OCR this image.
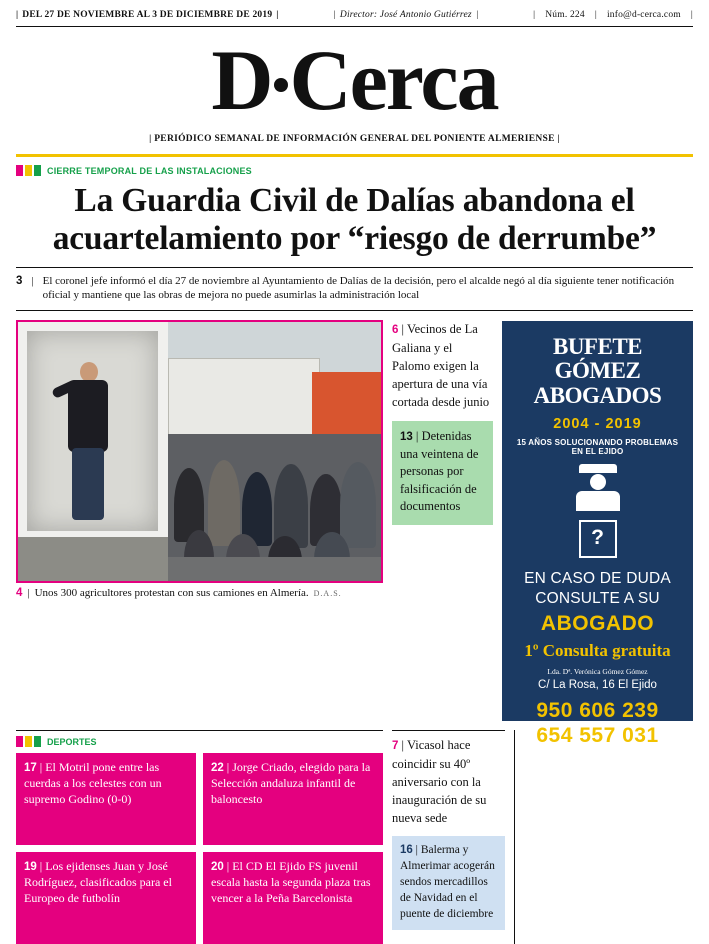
| DEL 27 DE NOVIEMBRE AL 3 DE DICIEMBRE DE 2019 |	| Director: José Antonio Gutiérrez |	| Núm. 224 | info@d-cerca.com |
D Cerca
| PERIÓDICO SEMANAL DE INFORMACIÓN GENERAL DEL PONIENTE ALMERIENSE |
CIERRE TEMPORAL DE LAS INSTALACIONES
La Guardia Civil de Dalías abandona el
acuartelamiento por “riesgo de derrumbe”
3 | El coronel jefe informó el día 27 de noviembre al Ayuntamiento de Dalías de la decisión, pero el alcalde negó al día siguiente tener notificación oficial y mantiene que las obras de mejora no puede asumirlas la administración local
4 | Unos 300 agricultores protestan con sus camiones en Almería. D.A.S.
6 | Vecinos de La Galiana y el Palomo exigen la apertura de una vía cortada desde junio
13 | Detenidas una veintena de personas por falsificación de documentos
BUFETE GÓMEZ
ABOGADOS
2004 - 2019
15 AÑOS SOLUCIONANDO PROBLEMAS EN EL EJIDO
?
EN CASO DE DUDA
CONSULTE A SU
ABOGADO
1º Consulta gratuita
Lda. Dª. Verónica Gómez Gómez
C/ La Rosa, 16 El Ejido
950 606 239
654 557 031
DEPORTES
17 | El Motril pone entre las cuerdas a los celestes con un supremo Godino (0-0)
22 | Jorge Criado, elegido para la Selección andaluza infantil de baloncesto
19 | Los ejidenses Juan y José Rodríguez, clasificados para el Europeo de futbolín
20 | El CD El Ejido FS juvenil escala hasta la segunda plaza tras vencer a la Peña Barcelonista
7 | Vicasol hace coincidir su 40º aniversario con la inauguración de su nueva sede
16 | Balerma y Almerimar acogerán sendos mercadillos de Navidad en el puente de diciembre
